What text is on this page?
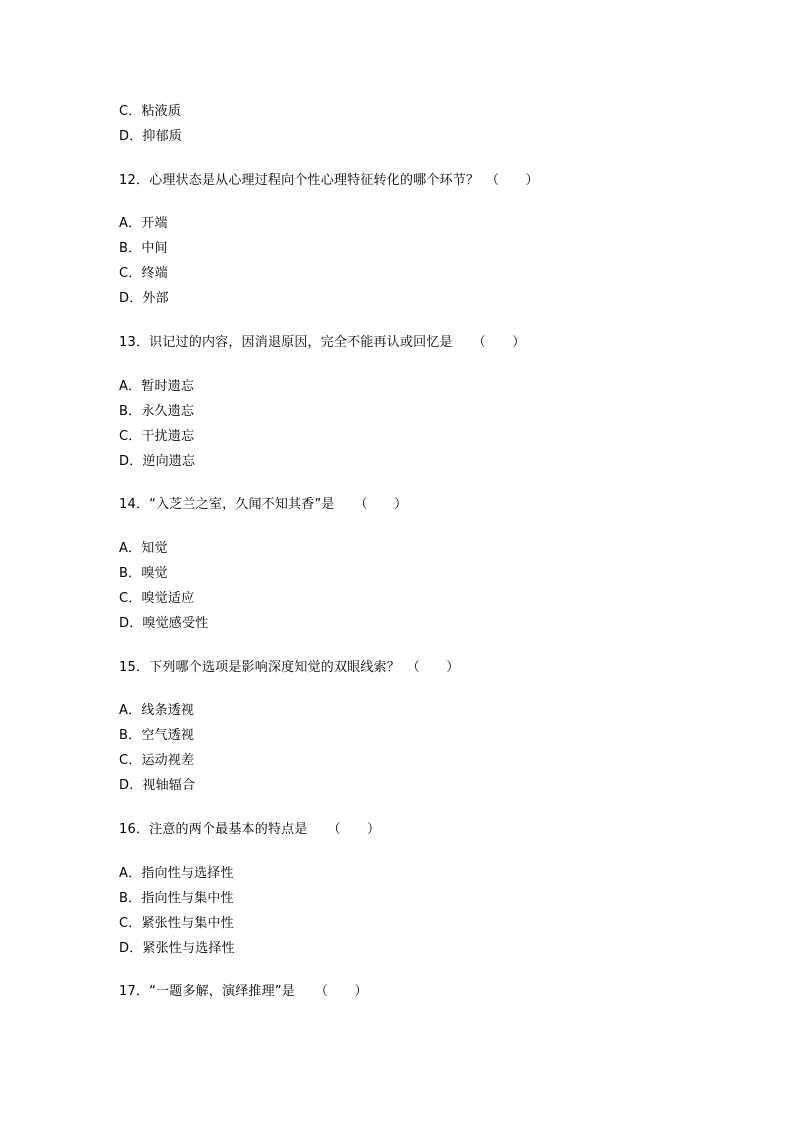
C．粘液质
D．抑郁质
12．心理状态是从心理过程向个性心理特征转化的哪个环节？　（　　）
A．开端
B．中间
C．终端
D．外部
13．识记过的内容，因消退原因，完全不能再认或回忆是　　（　　）
A．暂时遗忘
B．永久遗忘
C．干扰遗忘
D．逆向遗忘
14．“入芝兰之室，久闻不知其香”是　　（　　）
A．知觉
B．嗅觉
C．嗅觉适应
D．嗅觉感受性
15．下列哪个选项是影响深度知觉的双眼线索？　（　　）
A．线条透视
B．空气透视
C．运动视差
D．视轴辐合
16．注意的两个最基本的特点是　　（　　）
A．指向性与选择性
B．指向性与集中性
C．紧张性与集中性
D．紧张性与选择性
17．“一题多解，演绎推理”是　　（　　）
